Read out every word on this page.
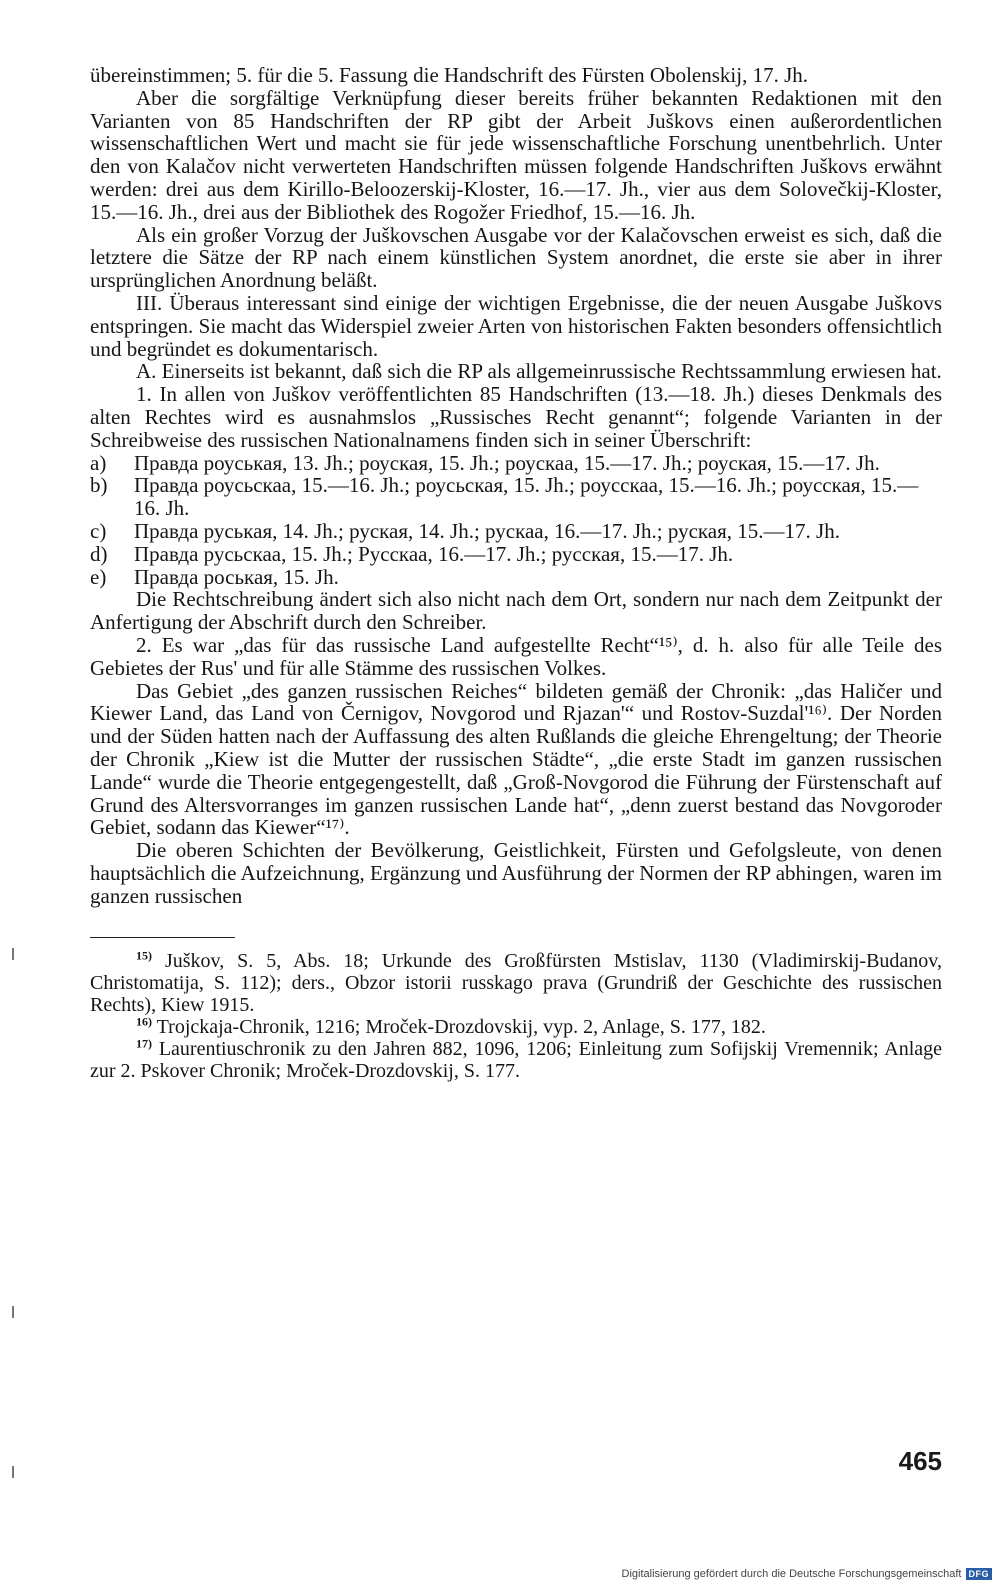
übereinstimmen; 5. für die 5. Fassung die Handschrift des Fürsten Obolenskij, 17. Jh.

Aber die sorgfältige Verknüpfung dieser bereits früher bekannten Redaktionen mit den Varianten von 85 Handschriften der RP gibt der Arbeit Juškovs einen außerordentlichen wissenschaftlichen Wert und macht sie für jede wissenschaftliche Forschung unentbehrlich. Unter den von Kalačov nicht verwerteten Handschriften müssen folgende Handschriften Juškovs erwähnt werden: drei aus dem Kirillo-Beloozerskij-Kloster, 16.—17. Jh., vier aus dem Solovečkij-Kloster, 15.—16. Jh., drei aus der Bibliothek des Rogožer Friedhof, 15.—16. Jh.

Als ein großer Vorzug der Juškovschen Ausgabe vor der Kalačovschen erweist es sich, daß die letztere die Sätze der RP nach einem künstlichen System anordnet, die erste sie aber in ihrer ursprünglichen Anordnung beläßt.

III. Überaus interessant sind einige der wichtigen Ergebnisse, die der neuen Ausgabe Juškovs entspringen. Sie macht das Widerspiel zweier Arten von historischen Fakten besonders offensichtlich und begründet es dokumentarisch.

A. Einerseits ist bekannt, daß sich die RP als allgemeinrussische Rechtssammlung erwiesen hat.

1. In allen von Juškov veröffentlichten 85 Handschriften (13.—18. Jh.) dieses Denkmals des alten Rechtes wird es ausnahmslos „Russisches Recht genannt“; folgende Varianten in der Schreibweise des russischen Nationalnamens finden sich in seiner Überschrift:

a) Правда роуськая, 13. Jh.; роуская, 15. Jh.; роускаа, 15.—17. Jh.; роуская, 15.—17. Jh.

b) Правда роусьскаа, 15.—16. Jh.; роусьская, 15. Jh.; роусскаа, 15.—16. Jh.; роусская, 15.—16. Jh.

c) Правда руськая, 14. Jh.; руская, 14. Jh.; рускаа, 16.—17. Jh.; руская, 15.—17. Jh.

d) Правда русьскаа, 15. Jh.; Русскаа, 16.—17. Jh.; русская, 15.—17. Jh.

e) Правда роськая, 15. Jh.

Die Rechtschreibung ändert sich also nicht nach dem Ort, sondern nur nach dem Zeitpunkt der Anfertigung der Abschrift durch den Schreiber.

2. Es war „das für das russische Land aufgestellte Recht“¹⁵⁾, d. h. also für alle Teile des Gebietes der Rus' und für alle Stämme des russischen Volkes.

Das Gebiet „des ganzen russischen Reiches“ bildeten gemäß der Chronik: „das Haličer und Kiewer Land, das Land von Černigov, Novgorod und Rjazan'“ und Rostov-Suzdal'¹⁶⁾. Der Norden und der Süden hatten nach der Auffassung des alten Rußlands die gleiche Ehrengeltung; der Theorie der Chronik „Kiew ist die Mutter der russischen Städte“, „die erste Stadt im ganzen russischen Lande“ wurde die Theorie entgegengestellt, daß „Groß-Novgorod die Führung der Fürstenschaft auf Grund des Altersvorranges im ganzen russischen Lande hat“, „denn zuerst bestand das Novgoroder Gebiet, sodann das Kiewer“¹⁷⁾.

Die oberen Schichten der Bevölkerung, Geistlichkeit, Fürsten und Gefolgsleute, von denen hauptsächlich die Aufzeichnung, Ergänzung und Ausführung der Normen der RP abhingen, waren im ganzen russischen

$^{15)}$ Juškov, S. 5, Abs. 18; Urkunde des Großfürsten Mstislav, 1130 (Vladimirskij-Budanov, Christomatija, S. 112); ders., Obzor istorii russkago prava (Grundriß der Geschichte des russischen Rechts), Kiew 1915.

$^{16)}$ Trojckaja-Chronik, 1216; Mroček-Drozdovskij, vyp. 2, Anlage, S. 177, 182.

$^{17)}$ Laurentiuschronik zu den Jahren 882, 1096, 1206; Einleitung zum Sofijskij Vremennik; Anlage zur 2. Pskover Chronik; Mroček-Drozdovskij, S. 177.

465
Digitalisierung gefördert durch die Deutsche Forschungsgemeinschaft DFG
